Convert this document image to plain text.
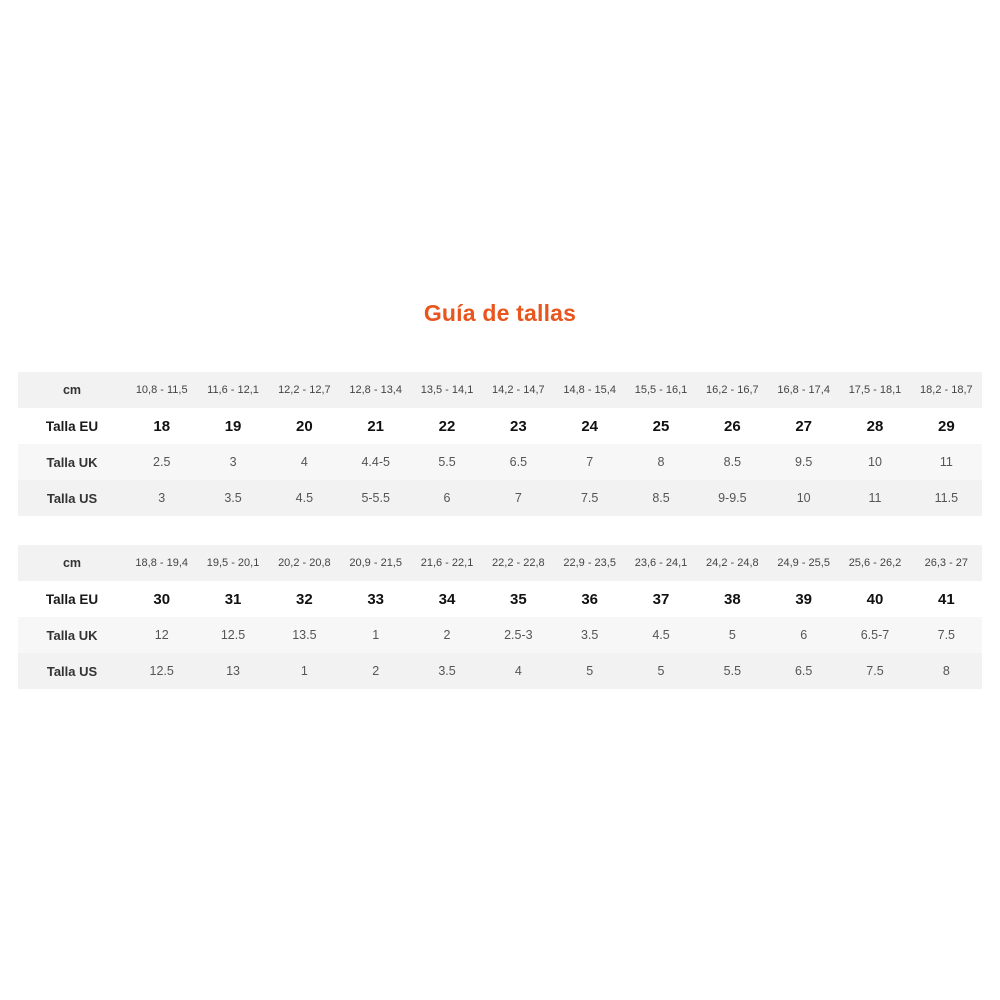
Guía de tallas
cm	10,8 - 11,5	11,6 - 12,1	12,2 - 12,7	12,8 - 13,4	13,5 - 14,1	14,2 - 14,7	14,8 - 15,4	15,5 - 16,1	16,2 - 16,7	16,8 - 17,4	17,5 - 18,1	18,2 - 18,7
Talla EU	18	19	20	21	22	23	24	25	26	27	28	29
Talla UK	2.5	3	4	4.4-5	5.5	6.5	7	8	8.5	9.5	10	11
Talla US	3	3.5	4.5	5-5.5	6	7	7.5	8.5	9-9.5	10	11	11.5
cm	18,8 - 19,4	19,5 - 20,1	20,2 - 20,8	20,9 - 21,5	21,6 - 22,1	22,2 - 22,8	22,9 - 23,5	23,6 - 24,1	24,2 - 24,8	24,9 - 25,5	25,6 - 26,2	26,3 - 27
Talla EU	30	31	32	33	34	35	36	37	38	39	40	41
Talla UK	12	12.5	13.5	1	2	2.5-3	3.5	4.5	5	6	6.5-7	7.5
Talla US	12.5	13	1	2	3.5	4	5	5	5.5	6.5	7.5	8
